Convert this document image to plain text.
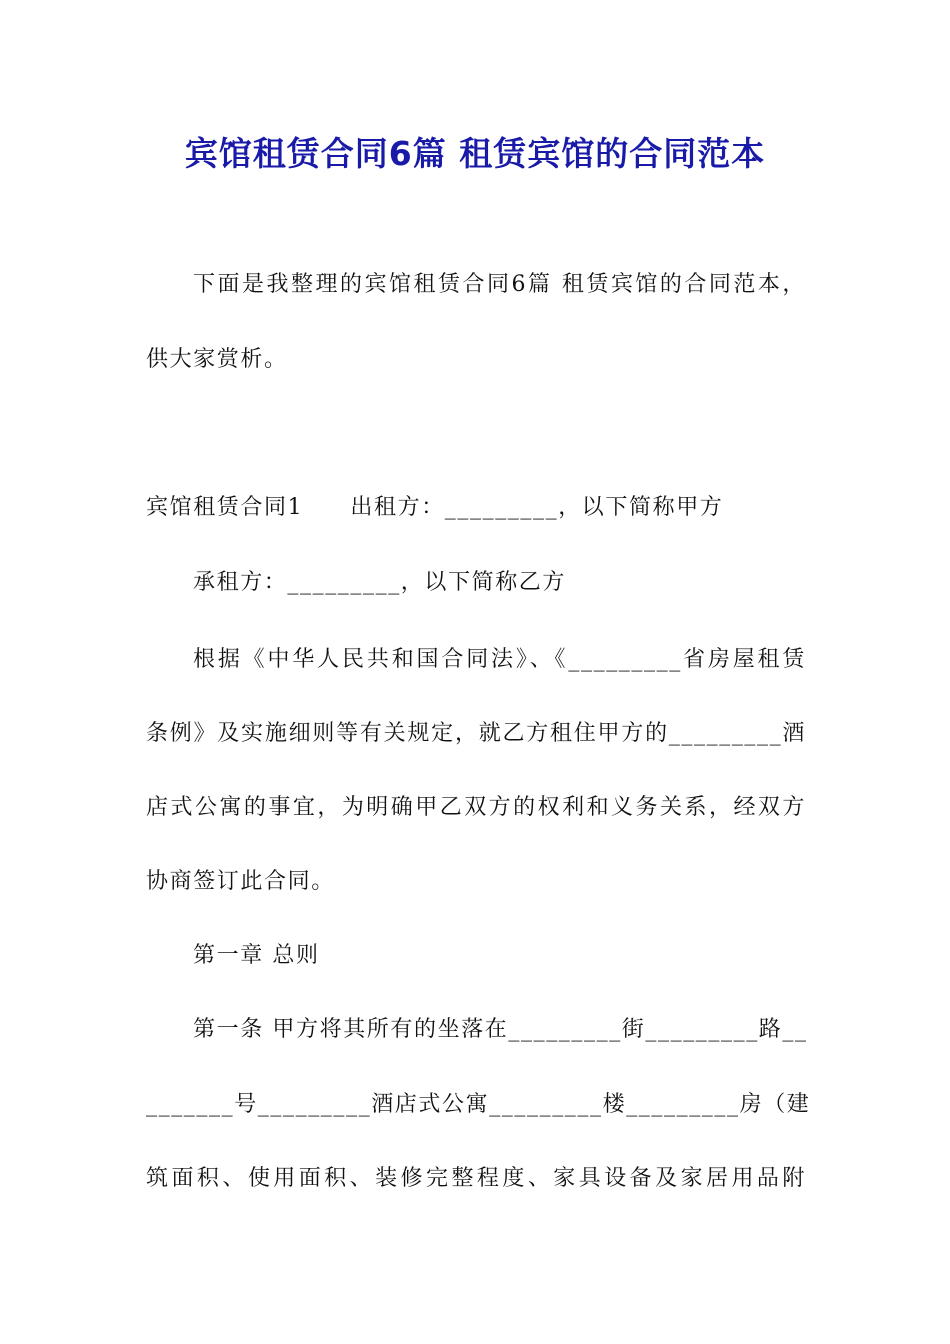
宾馆租赁合同6篇 租赁宾馆的合同范本
下面是我整理的宾馆租赁合同6篇 租赁宾馆的合同范本，
供大家赏析。
宾馆租赁合同1　　出租方：_________，以下简称甲方
承租方：_________，以下简称乙方
根据《中华人民共和国合同法》、《_________省房屋租赁
条例》及实施细则等有关规定，就乙方租住甲方的_________酒
店式公寓的事宜，为明确甲乙双方的权利和义务关系，经双方
协商签订此合同。
第一章 总则
第一条 甲方将其所有的坐落在_________街_________路__
_______号_________酒店式公寓_________楼_________房（建
筑面积、使用面积、装修完整程度、家具设备及家居用品附
